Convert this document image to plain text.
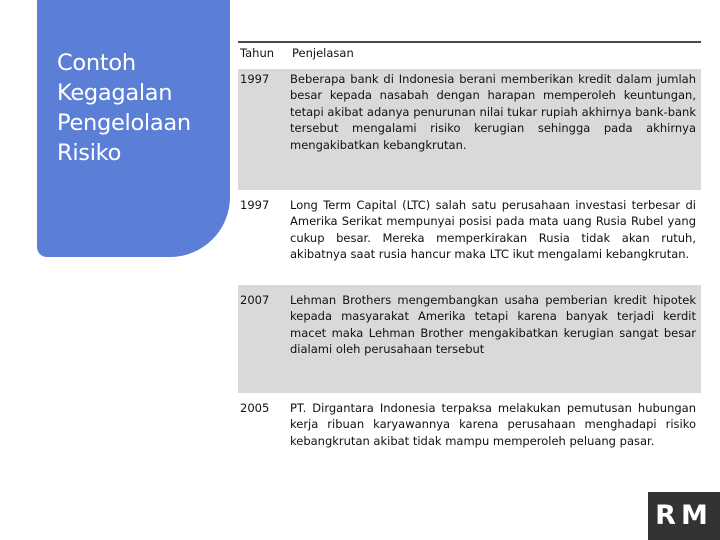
Contoh
Kegagalan
Pengelolaan
Risiko
Tahun	Penjelasan
1997	Beberapa bank di Indonesia berani memberikan kredit dalam jumlah besar kepada nasabah dengan harapan memperoleh keuntungan, tetapi akibat adanya penurunan nilai tukar rupiah akhirnya bank-bank tersebut mengalami risiko kerugian sehingga pada akhirnya mengakibatkan kebangkrutan.
1997	Long Term Capital (LTC) salah satu perusahaan investasi terbesar di Amerika Serikat mempunyai posisi pada mata uang Rusia Rubel yang cukup besar. Mereka memperkirakan Rusia tidak akan rutuh, akibatnya saat rusia hancur maka LTC ikut mengalami kebangkrutan.
2007	Lehman Brothers mengembangkan usaha pemberian kredit hipotek kepada masyarakat Amerika tetapi karena banyak terjadi kerdit macet maka Lehman Brother mengakibatkan kerugian sangat besar dialami oleh perusahaan tersebut
2005	PT. Dirgantara Indonesia terpaksa melakukan pemutusan hubungan kerja ribuan karyawannya karena perusahaan menghadapi risiko kebangkrutan akibat tidak mampu memperoleh peluang pasar.
RM
